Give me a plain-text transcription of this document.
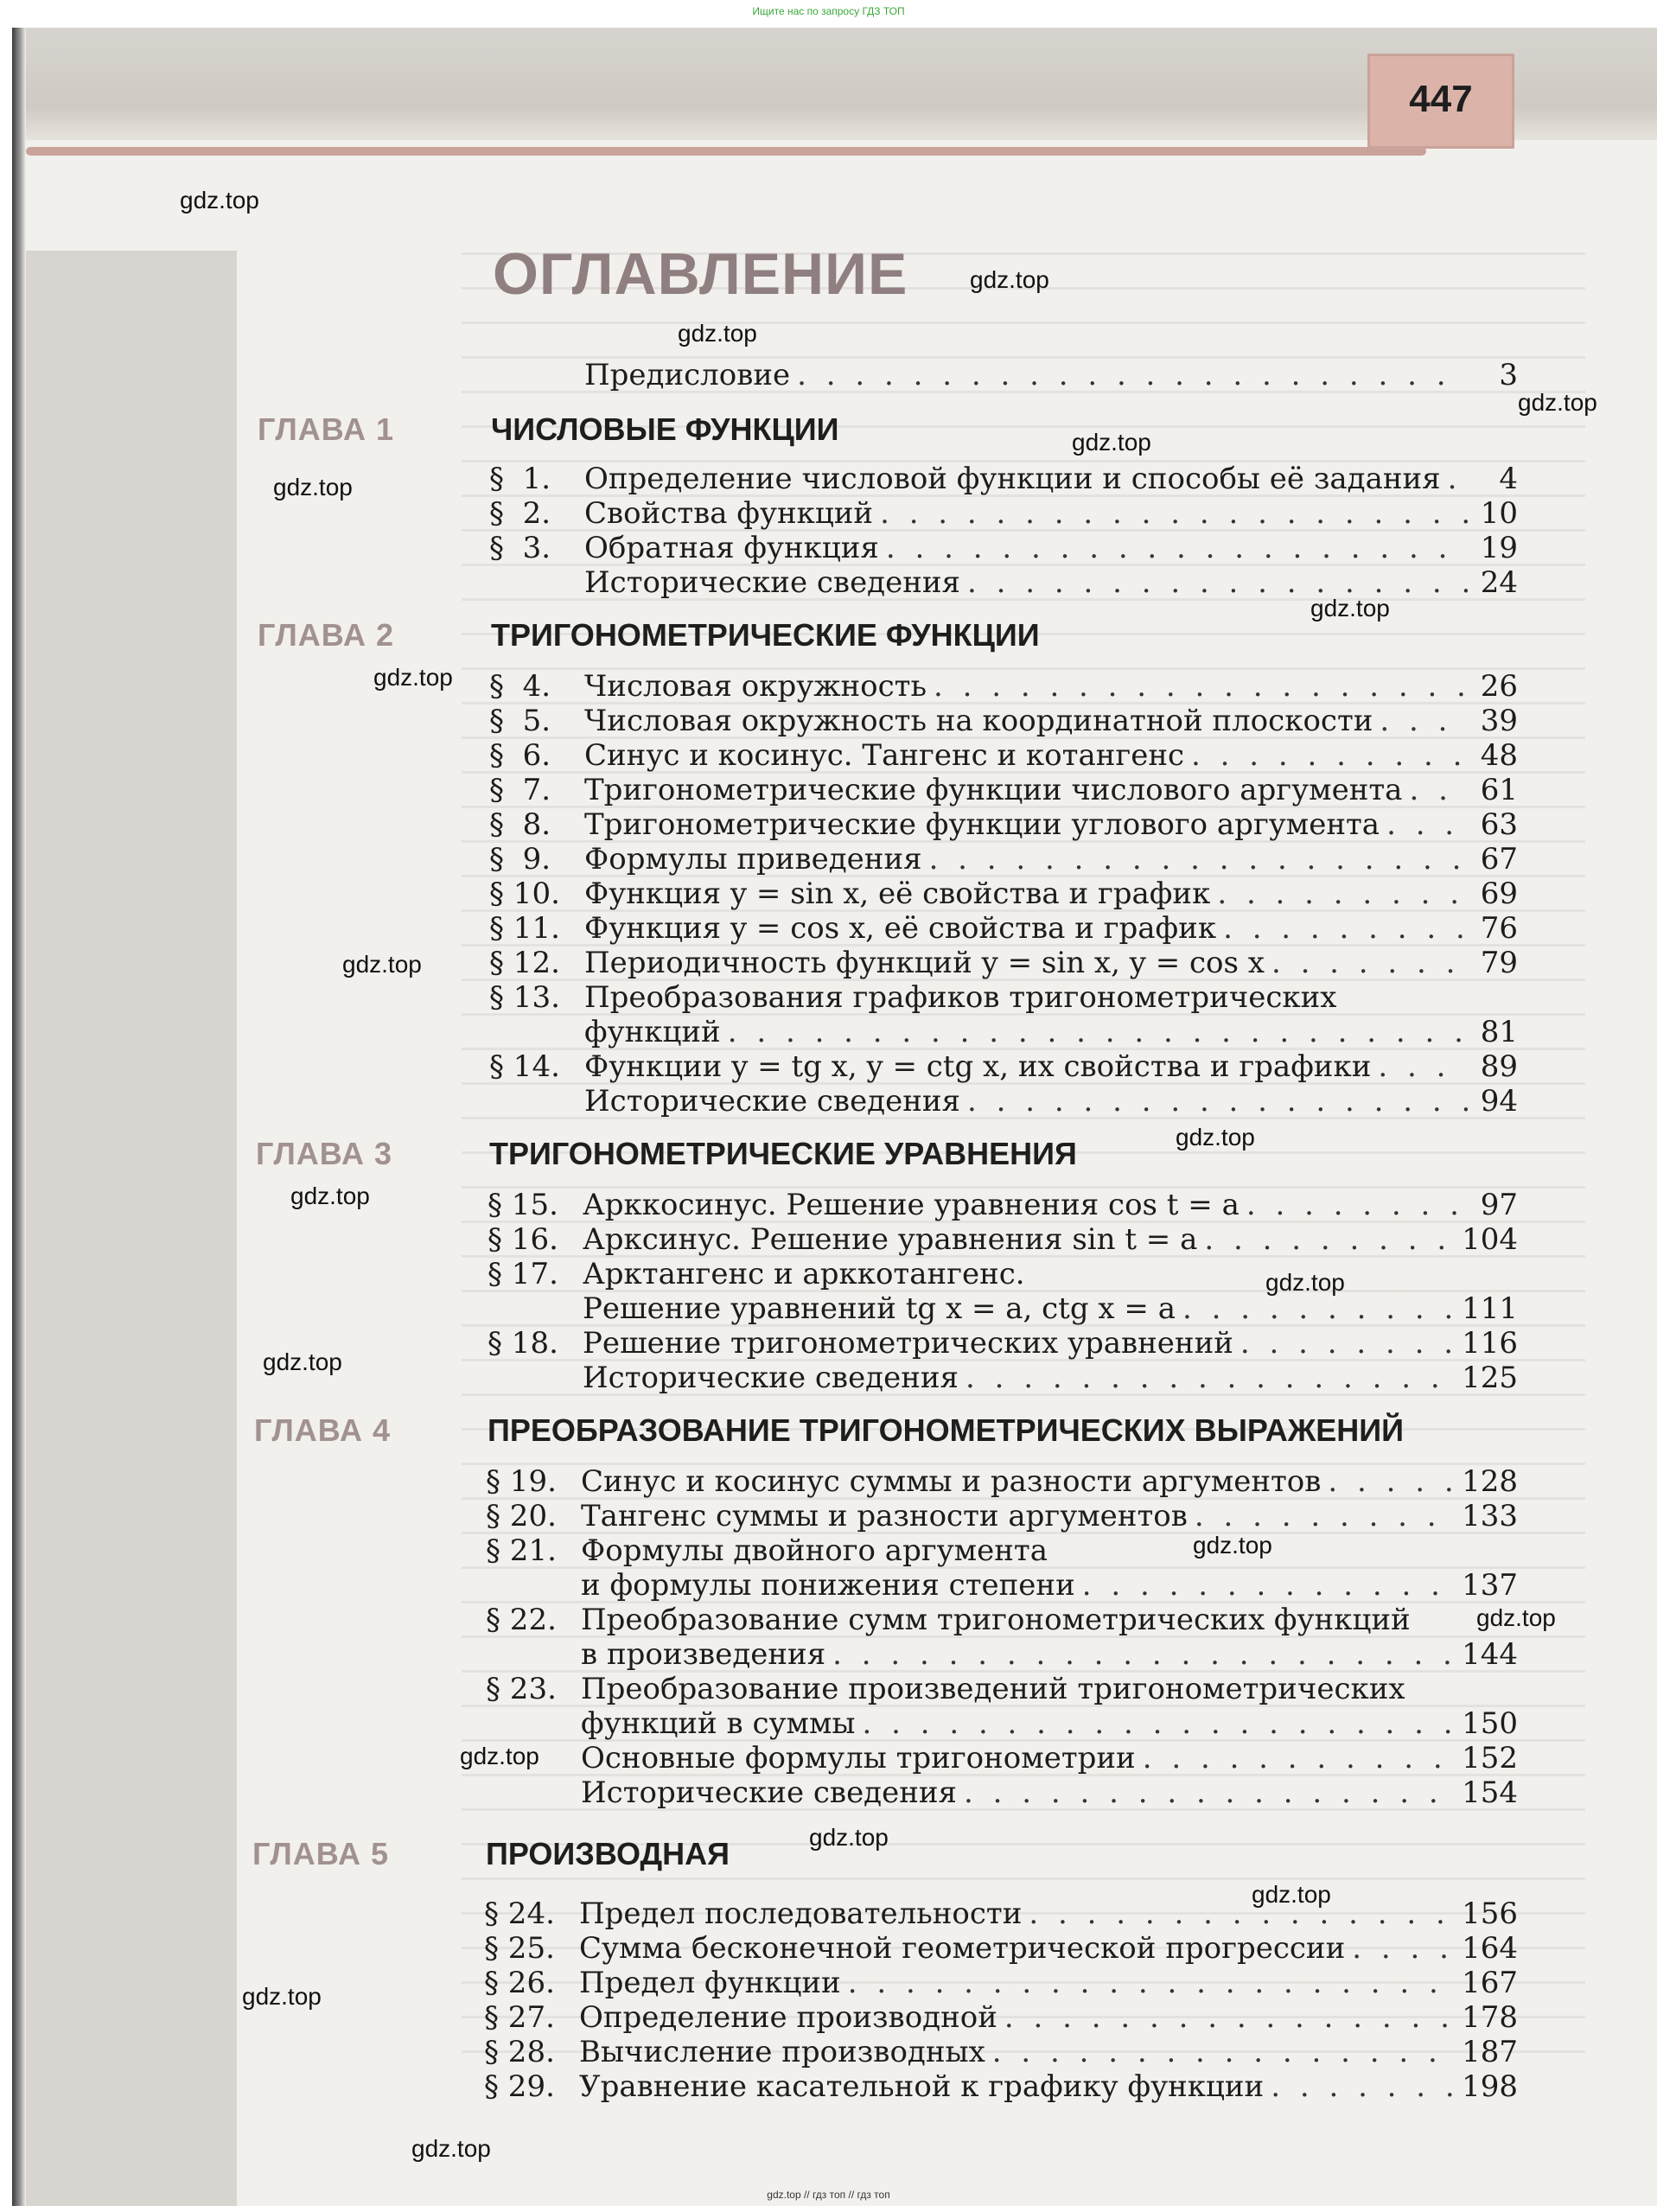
Ищите нас по запросу ГДЗ ТОП
447
ОГЛАВЛЕНИЕ
Предисловие . . .	3
ГЛАВА 1	ЧИСЛОВЫЕ ФУНКЦИИ
§  1.	Определение числовой функции и способы её задания . . .	4
§  2.	Свойства функций . . .	10
§  3.	Обратная функция . . .	19
Исторические сведения . . .	24
ГЛАВА 2	ТРИГОНОМЕТРИЧЕСКИЕ ФУНКЦИИ
§  4.	Числовая окружность . . .	26
§  5.	Числовая окружность на координатной плоскости . . .	39
§  6.	Синус и косинус. Тангенс и котангенс . . .	48
§  7.	Тригонометрические функции числового аргумента . . .	61
§  8.	Тригонометрические функции углового аргумента . . .	63
§  9.	Формулы приведения . . .	67
§ 10. Функция y = sin x, её свойства и график . . .	69
§ 11. Функция y = cos x, её свойства и график . . .	76
§ 12. Периодичность функций y = sin x, y = cos x . . .	79
§ 13. Преобразования графиков тригонометрических
функций . . .	81
§ 14. Функции y = tg x, y = ctg x, их свойства и графики . . .	89
Исторические сведения . . .	94
ГЛАВА 3	ТРИГОНОМЕТРИЧЕСКИЕ УРАВНЕНИЯ
§ 15. Арккосинус. Решение уравнения cos t = a . . .	97
§ 16. Арксинус. Решение уравнения sin t = a . . .	104
§ 17. Арктангенс и арккотангенс.
Решение уравнений tg x = a, ctg x = a . . .	111
§ 18. Решение тригонометрических уравнений . . .	116
Исторические сведения . . .	125
ГЛАВА 4	ПРЕОБРАЗОВАНИЕ ТРИГОНОМЕТРИЧЕСКИХ ВЫРАЖЕНИЙ
§ 19. Синус и косинус суммы и разности аргументов . . .	128
§ 20. Тангенс суммы и разности аргументов . . .	133
§ 21. Формулы двойного аргумента
и формулы понижения степени . . .	137
§ 22. Преобразование сумм тригонометрических функций
в произведения . . .	144
§ 23. Преобразование произведений тригонометрических
функций в суммы . . .	150
Основные формулы тригонометрии . . .	152
Исторические сведения . . .	154
ГЛАВА 5	ПРОИЗВОДНАЯ
§ 24. Предел последовательности . . .	156
§ 25. Сумма бесконечной геометрической прогрессии . . .	164
§ 26. Предел функции . . .	167
§ 27. Определение производной . . .	178
§ 28. Вычисление производных . . .	187
§ 29. Уравнение касательной к графику функции . . .	198
gdz.top
gdz.top
gdz.top
gdz.top
gdz.top
gdz.top
gdz.top
gdz.top
gdz.top
gdz.top
gdz.top
gdz.top
gdz.top
gdz.top
gdz.top
gdz.top
gdz.top
gdz.top
gdz.top
gdz.top
gdz.top // гдз топ // гдз топ
